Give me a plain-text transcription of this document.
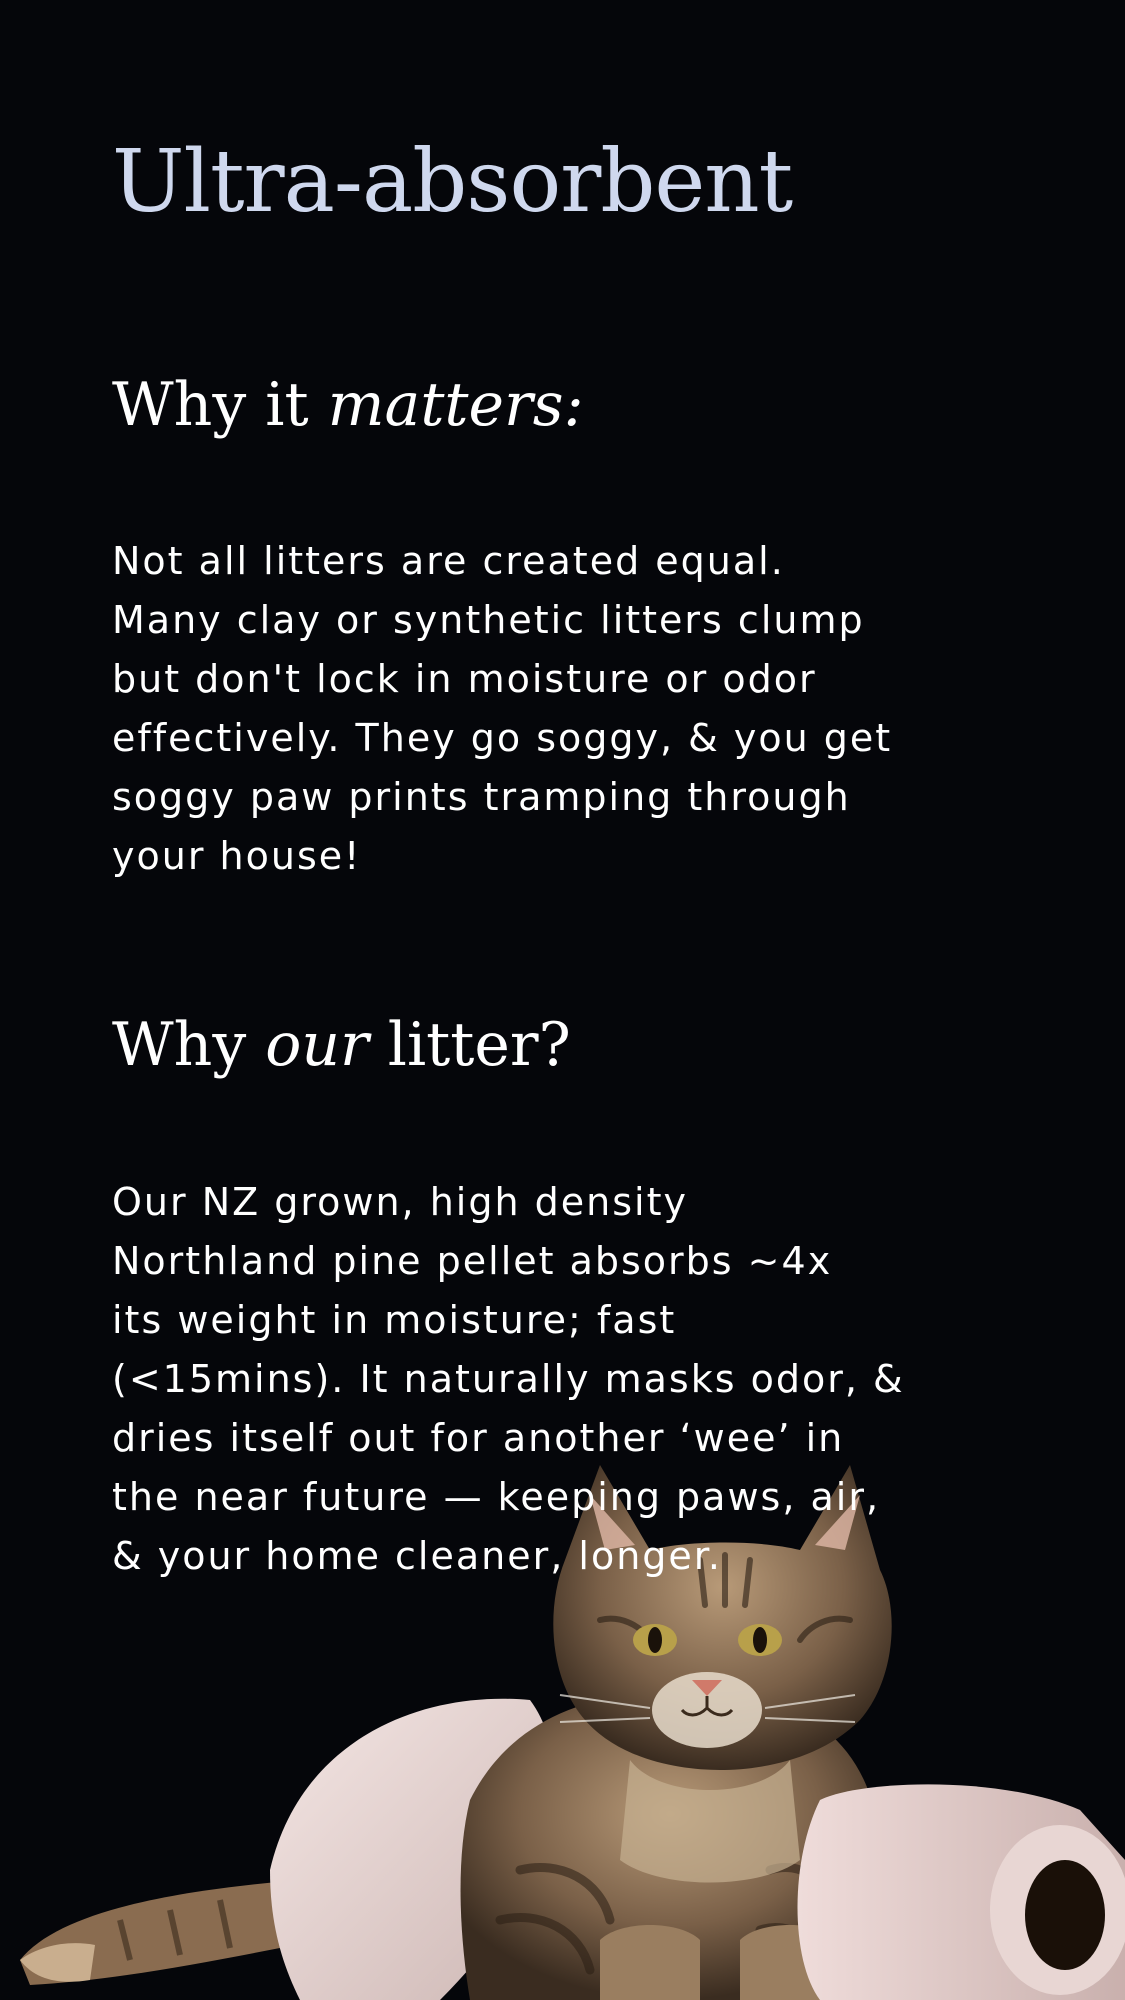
Ultra-absorbent
Why it matters:

Not all litters are created equal.
Many clay or synthetic litters clump
but don't lock in moisture or odor
effectively. They go soggy, & you get
soggy paw prints tramping through
your house!

Why our litter?

Our NZ grown, high density
Northland pine pellet absorbs ~4x
its weight in moisture; fast
(<15mins). It naturally masks odor, &
dries itself out for another ‘wee’ in
the near future — keeping paws, air,
& your home cleaner, longer.
